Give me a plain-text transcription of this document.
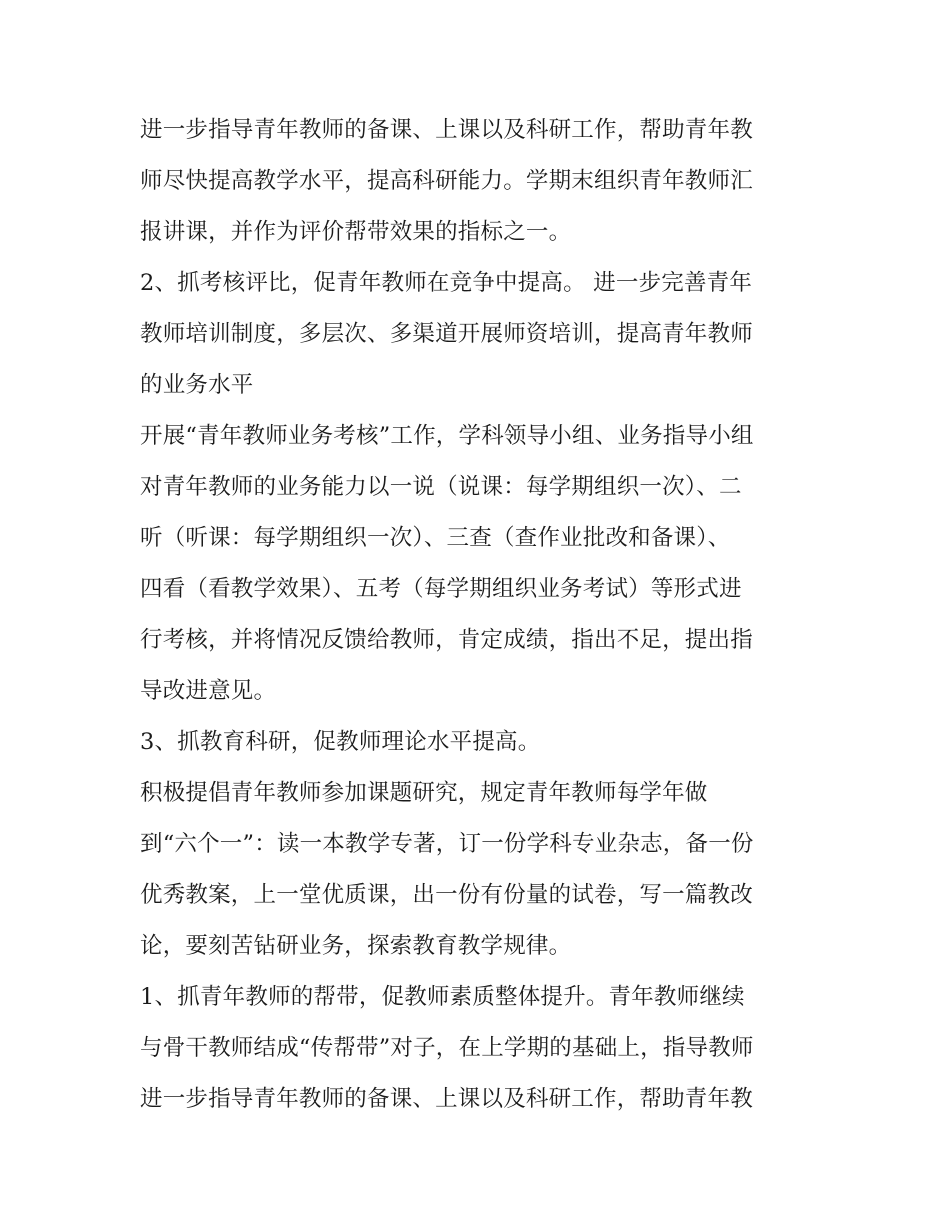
进一步指导青年教师的备课、上课以及科研工作，帮助青年教
师尽快提高教学水平，提高科研能力。学期末组织青年教师汇
报讲课，并作为评价帮带效果的指标之一。
2、抓考核评比，促青年教师在竞争中提高。 进一步完善青年
教师培训制度，多层次、多渠道开展师资培训，提高青年教师
的业务水平
开展“青年教师业务考核”工作，学科领导小组、业务指导小组
对青年教师的业务能力以一说（说课：每学期组织一次）、二
听（听课：每学期组织一次）、三查（查作业批改和备课）、
四看（看教学效果）、五考（每学期组织业务考试）等形式进
行考核，并将情况反馈给教师，肯定成绩，指出不足，提出指
导改进意见。
3、抓教育科研，促教师理论水平提高。
积极提倡青年教师参加课题研究，规定青年教师每学年做
到“六个一”：读一本教学专著，订一份学科专业杂志，备一份
优秀教案，上一堂优质课，出一份有份量的试卷，写一篇教改
论，要刻苦钻研业务，探索教育教学规律。
1、抓青年教师的帮带，促教师素质整体提升。青年教师继续
与骨干教师结成“传帮带”对子，在上学期的基础上，指导教师
进一步指导青年教师的备课、上课以及科研工作，帮助青年教
